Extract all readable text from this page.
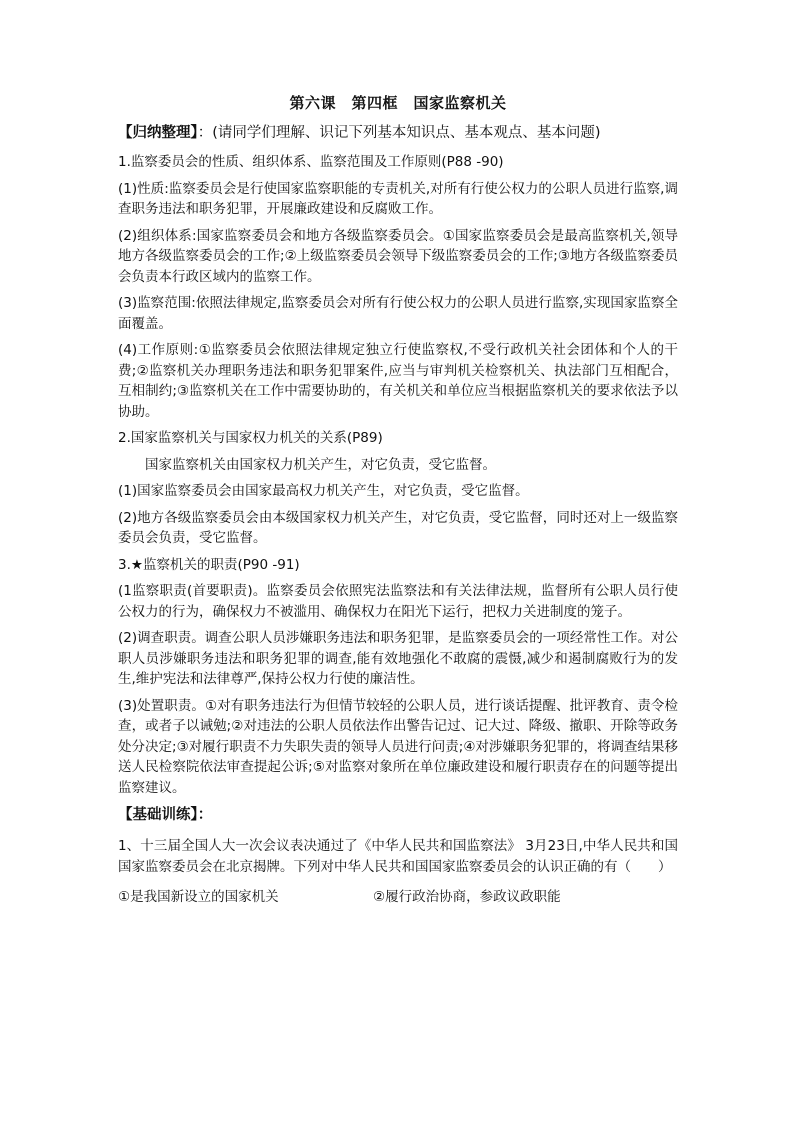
第六课　第四框　国家监察机关
【归纳整理】：(请同学们理解、识记下列基本知识点、基本观点、基本问题)
1.监察委员会的性质、组织体系、监察范围及工作原则(P88 -90)
(1)性质:监察委员会是行使国家监察职能的专责机关,对所有行使公权力的公职人员进行监察,调查职务违法和职务犯罪，开展廉政建设和反腐败工作。
(2)组织体系:国家监察委员会和地方各级监察委员会。①国家监察委员会是最高监察机关,领导地方各级监察委员会的工作;②上级监察委员会领导下级监察委员会的工作;③地方各级监察委员会负责本行政区域内的监察工作。
(3)监察范围:依照法律规定,监察委员会对所有行使公权力的公职人员进行监察,实现国家监察全面覆盖。
(4)工作原则:①监察委员会依照法律规定独立行使监察权,不受行政机关社会团体和个人的干费;②监察机关办理职务违法和职务犯罪案件,应当与审判机关检察机关、执法部门互相配合，互相制约;③监察机关在工作中需要协助的，有关机关和单位应当根据监察机关的要求依法予以协助。
2.国家监察机关与国家权力机关的关系(P89)
国家监察机关由国家权力机关产生，对它负责，受它监督。
(1)国家监察委员会由国家最高权力机关产生，对它负责，受它监督。
(2)地方各级监察委员会由本级国家权力机关产生，对它负责，受它监督，同时还对上一级监察委员会负责，受它监督。
3.★监察机关的职责(P90 -91)
(1监察职责(首要职责)。监察委员会依照宪法监察法和有关法律法规，监督所有公职人员行使公权力的行为，确保权力不被滥用、确保权力在阳光下运行，把权力关进制度的笼子。
(2)调查职责。调查公职人员涉嫌职务违法和职务犯罪，是监察委员会的一项经常性工作。对公职人员涉嫌职务违法和职务犯罪的调查,能有效地强化不敢腐的震慑,减少和遏制腐败行为的发生,维护宪法和法律尊严,保持公权力行使的廉洁性。
(3)处置职责。①对有职务违法行为但情节较轻的公职人员，进行谈话提醒、批评教育、责令检查，或者子以诫勉;②对违法的公职人员依法作出警告记过、记大过、降级、撤职、开除等政务处分决定;③对履行职责不力失职失责的领导人员进行问责;④对涉嫌职务犯罪的，将调查结果移送人民检察院依法审查提起公诉;⑤对监察对象所在单位廉政建设和履行职责存在的问题等提出监察建议。
【基础训练】：
1、十三届全国人大一次会议表决通过了《中华人民共和国监察法》 3月23日,中华人民共和国国家监察委员会在北京揭牌。下列对中华人民共和国国家监察委员会的认识正确的有（　　）
①是我国新设立的国家机关	②履行政治协商，参政议政职能
